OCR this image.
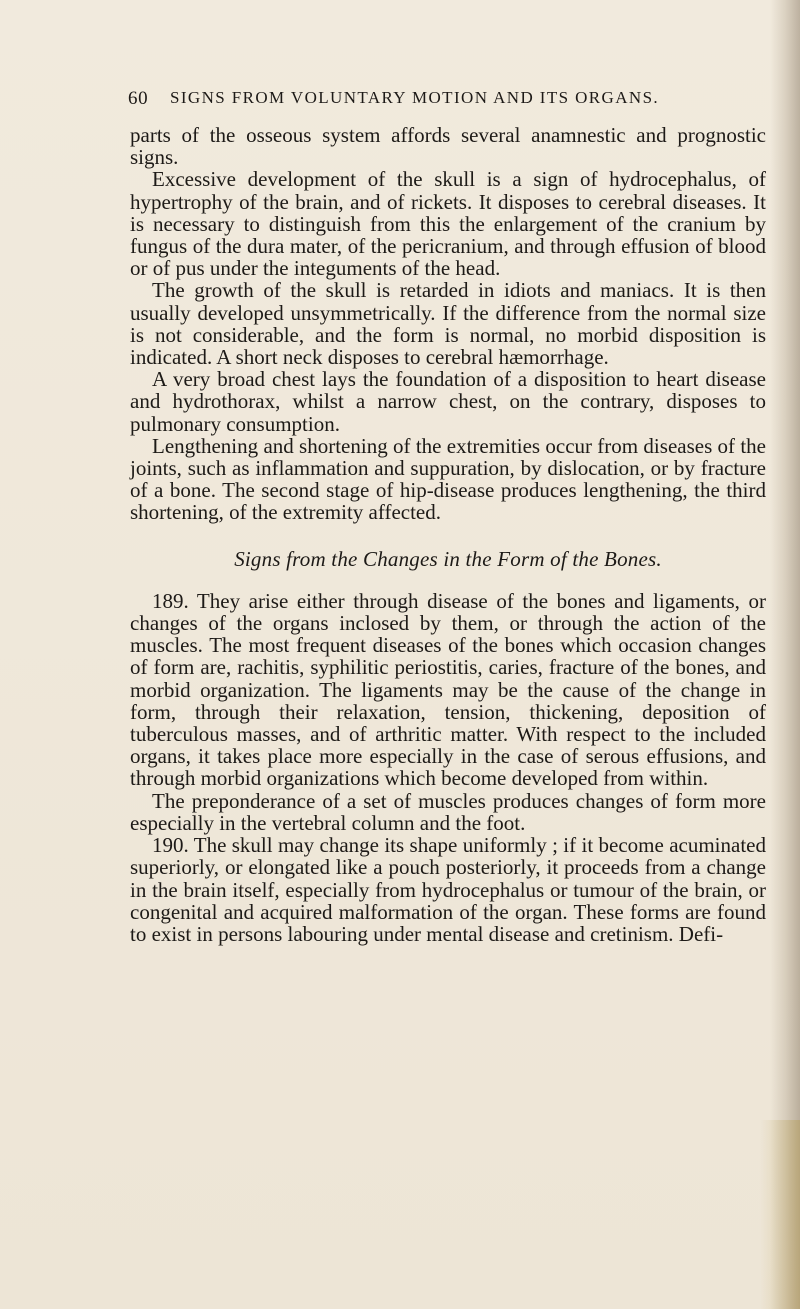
60 SIGNS FROM VOLUNTARY MOTION AND ITS ORGANS.

parts of the osseous system affords several anamnestic and prognostic signs.

Excessive development of the skull is a sign of hydrocephalus, of hypertrophy of the brain, and of rickets. It disposes to cerebral diseases. It is necessary to distinguish from this the enlargement of the cranium by fungus of the dura mater, of the pericranium, and through effusion of blood or of pus under the integuments of the head.

The growth of the skull is retarded in idiots and maniacs. It is then usually developed unsymmetrically. If the difference from the normal size is not considerable, and the form is normal, no morbid disposition is indicated. A short neck disposes to cerebral hæmorrhage.

A very broad chest lays the foundation of a disposition to heart disease and hydrothorax, whilst a narrow chest, on the contrary, disposes to pulmonary consumption.

Lengthening and shortening of the extremities occur from diseases of the joints, such as inflammation and suppuration, by dislocation, or by fracture of a bone. The second stage of hip-disease produces lengthening, the third shortening, of the extremity affected.

Signs from the Changes in the Form of the Bones.

189. They arise either through disease of the bones and ligaments, or changes of the organs inclosed by them, or through the action of the muscles. The most frequent diseases of the bones which occasion changes of form are, rachitis, syphilitic periostitis, caries, fracture of the bones, and morbid organization. The ligaments may be the cause of the change in form, through their relaxation, tension, thickening, deposition of tuberculous masses, and of arthritic matter. With respect to the included organs, it takes place more especially in the case of serous effusions, and through morbid organizations which become developed from within.

The preponderance of a set of muscles produces changes of form more especially in the vertebral column and the foot.

190. The skull may change its shape uniformly ; if it become acuminated superiorly, or elongated like a pouch posteriorly, it proceeds from a change in the brain itself, especially from hydrocephalus or tumour of the brain, or congenital and acquired malformation of the organ. These forms are found to exist in persons labouring under mental disease and cretinism. Defi-
